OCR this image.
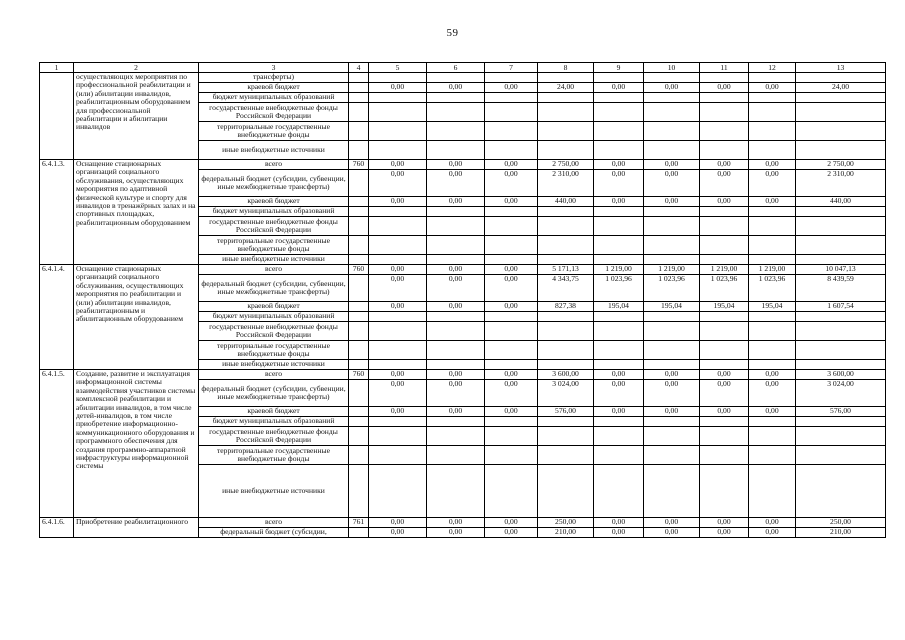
59
1	2	3	4	5	6	7	8	9	10	11	12	13
	осуществляющих мероприятия по профессиональной реабилитации и (или) абилитации инвалидов, реабилитационным оборудованием для профессиональной реабилитации и абилитации инвалидов	трансферты)										
		краевой бюджет		0,00	0,00	0,00	24,00	0,00	0,00	0,00	0,00	24,00
		бюджет муниципальных образований										
		государственные внебюджетные фонды Российской Федерации										
		территориальные государственные внебюджетные фонды										
		иные внебюджетные источники										
6.4.1.3.	Оснащение стационарных организаций социального обслуживания, осуществляющих мероприятия по адаптивной физической культуре и спорту для инвалидов в тренажёрных залах и на спортивных площадках, реабилитационным оборудованием	всего	760	0,00	0,00	0,00	2 750,00	0,00	0,00	0,00	0,00	2 750,00
		федеральный бюджет (субсидии, субвенции, иные межбюджетные трансферты)		0,00	0,00	0,00	2 310,00	0,00	0,00	0,00	0,00	2 310,00
		краевой бюджет		0,00	0,00	0,00	440,00	0,00	0,00	0,00	0,00	440,00
		бюджет муниципальных образований										
		государственные внебюджетные фонды Российской Федерации										
		территориальные государственные внебюджетные фонды										
		иные внебюджетные источники										
6.4.1.4.	Оснащение стационарных организаций социального обслуживания, осуществляющих мероприятия по реабилитации и (или) абилитации инвалидов, реабилитационным и абилитационным оборудованием	всего	760	0,00	0,00	0,00	5 171,13	1 219,00	1 219,00	1 219,00	1 219,00	10 047,13
		федеральный бюджет (субсидии, субвенции, иные межбюджетные трансферты)		0,00	0,00	0,00	4 343,75	1 023,96	1 023,96	1 023,96	1 023,96	8 439,59
		краевой бюджет		0,00	0,00	0,00	827,38	195,04	195,04	195,04	195,04	1 607,54
		бюджет муниципальных образований										
		государственные внебюджетные фонды Российской Федерации										
		территориальные государственные внебюджетные фонды										
		иные внебюджетные источники										
6.4.1.5.	Создание, развитие и эксплуатация информационной системы взаимодействия участников системы комплексной реабилитации и абилитации инвалидов, в том числе детей-инвалидов, в том числе приобретение информационно-коммуникационного оборудования и программного обеспечения для создания программно-аппаратной инфраструктуры информационной системы	всего	760	0,00	0,00	0,00	3 600,00	0,00	0,00	0,00	0,00	3 600,00
		федеральный бюджет (субсидии, субвенции, иные межбюджетные трансферты)		0,00	0,00	0,00	3 024,00	0,00	0,00	0,00	0,00	3 024,00
		краевой бюджет		0,00	0,00	0,00	576,00	0,00	0,00	0,00	0,00	576,00
		бюджет муниципальных образований										
		государственные внебюджетные фонды Российской Федерации										
		территориальные государственные внебюджетные фонды										
		иные внебюджетные источники										
6.4.1.6.	Приобретение реабилитационного	всего	761	0,00	0,00	0,00	250,00	0,00	0,00	0,00	0,00	250,00
		федеральный бюджет (субсидии,		0,00	0,00	0,00	210,00	0,00	0,00	0,00	0,00	210,00
